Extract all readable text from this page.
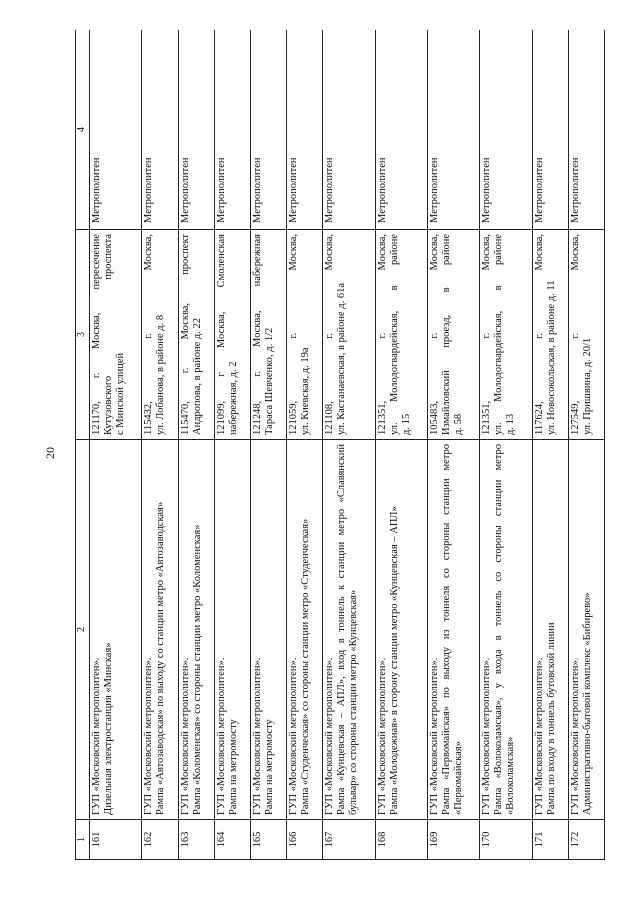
20
1	2	3	4
161	ГУП «Московский метрополитен». Дизельная электростанция «Минская»	121170, г. Москва, пересечение Кутузовского проспекта с Минской улицей	Метрополитен
162	ГУП «Московский метрополитен». Рампа «Автозаводская» по выходу со станции метро «Автозаводская»	115432, г. Москва, ул. Лобанова, в районе д. 8	Метрополитен
163	ГУП «Московский метрополитен». Рампа «Коломенская» со стороны станции метро «Коломенская»	115470, г. Москва, проспект Андропова, в районе д. 22	Метрополитен
164	ГУП «Московский метрополитен». Рампа на метромосту	121099, г Москва, Смоленская набережная, д. 2	Метрополитен
165	ГУП «Московский метрополитен». Рампа на метромосту	121248, г. Москва, набережная Тараса Шевченко, д. 1/2	Метрополитен
166	ГУП «Московский метрополитен». Рампа «Студенческая» со стороны станции метро «Студенческая»	121059, г. Москва, ул. Киевская, д. 19а	Метрополитен
167	ГУП «Московский метрополитен». Рампа «Кунцевская – АПЛ», вход в тоннель к станции метро «Славянский бульвар» со стороны станции метро «Кунцевская»	121108, г. Москва, ул. Кастанаевская, в районе д. 61а	Метрополитен
168	ГУП «Московский метрополитен». Рампа «Молодежная» в сторону станции метро «Кунцевская – АПЛ»	121351, г. Москва, ул. Молодогвардейская, в районе д. 15	Метрополитен
169	ГУП «Московский метрополитен». Рампа «Первомайская» по выходу из тоннеля со стороны станции метро «Первомайская»	105483, г. Москва, Измайловский проезд, в районе д. 58	Метрополитен
170	ГУП «Московский метрополитен». Рампа «Волоколамская», у входа в тоннель со стороны станции метро «Волоколамская»	121351, г. Москва, ул. Молодогвардейская, в районе д. 13	Метрополитен
171	ГУП «Московский метрополитен». Рампа по входу в тоннель бутовской линии	117624, г. Москва, ул. Новосокольская, в районе д. 11	Метрополитен
172	ГУП «Московский метрополитен». Административно-бытовой комплекс «Бибирево»	127549, г. Москва, ул. Пришвина, д. 20/1	Метрополитен
